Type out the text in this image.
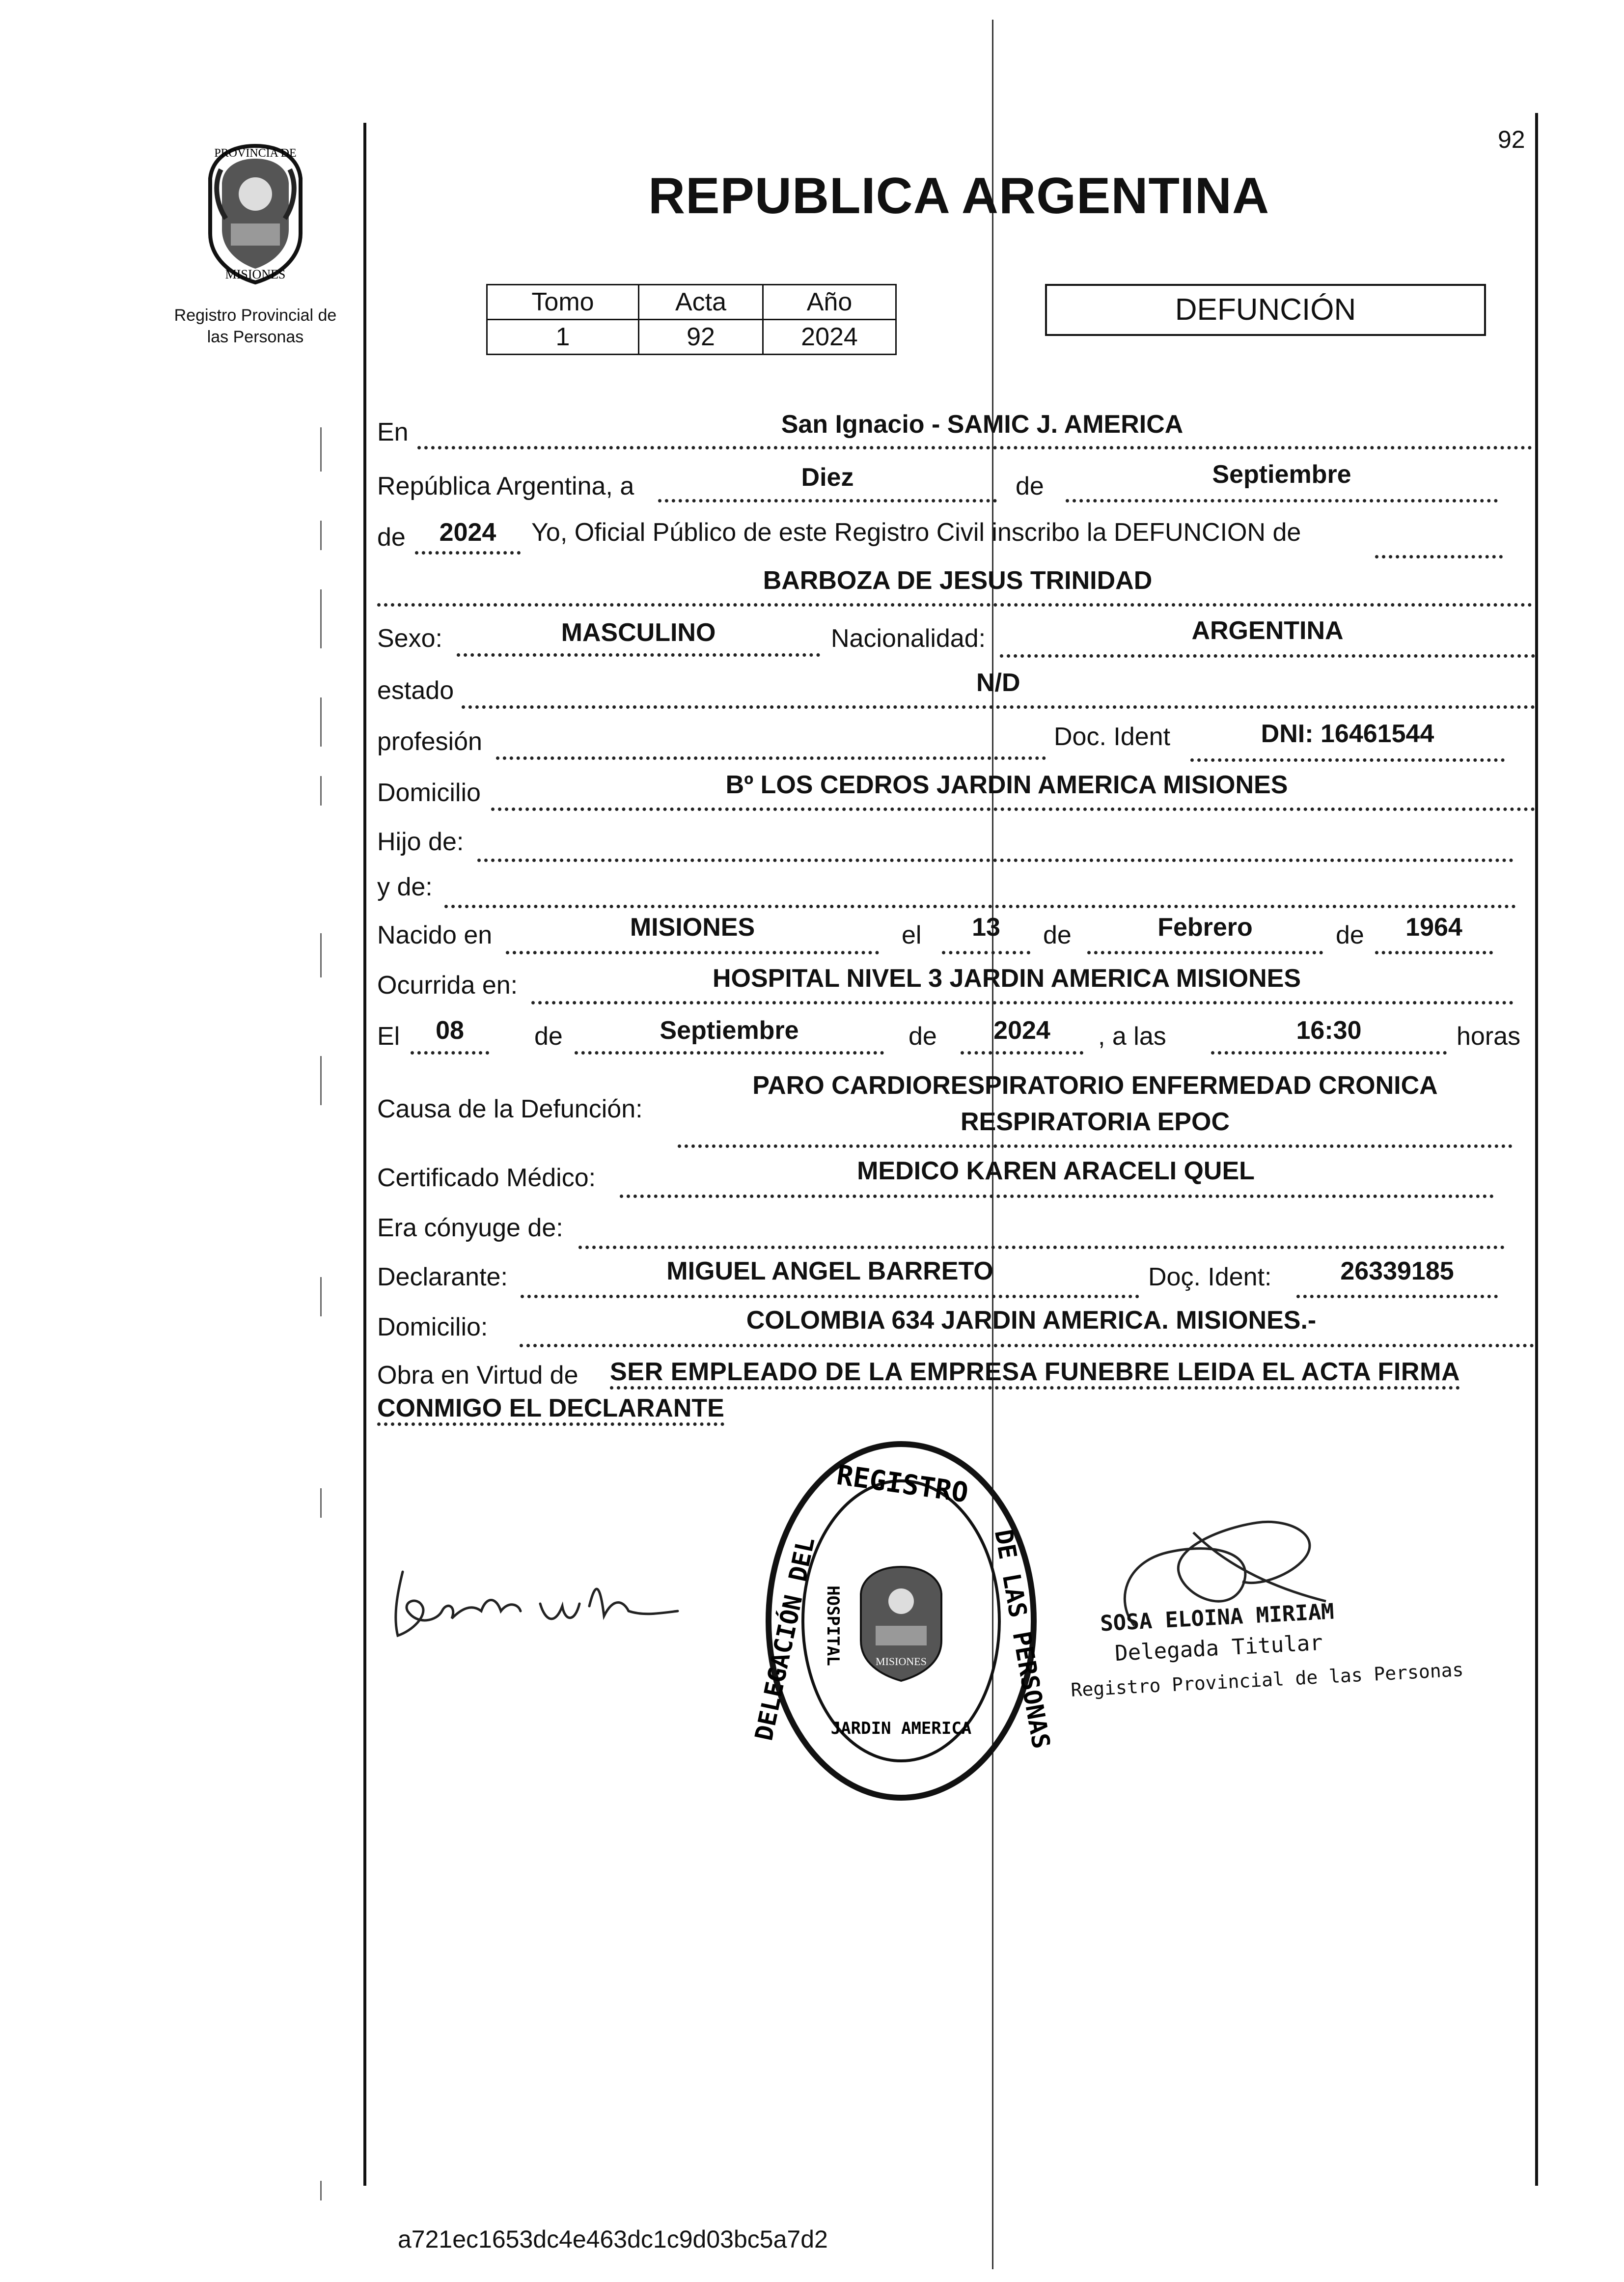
92
PROVINCIA DE
MISIONES
Registro Provincial de
las Personas
REPUBLICA ARGENTINA
Tomo	Acta	Año
1	92	2024
DEFUNCIÓN
En	San Ignacio - SAMIC J. AMERICA
República Argentina, a	Diez	de	Septiembre
de	2024	Yo, Oficial Público de este Registro Civil inscribo la DEFUNCION de
BARBOZA DE JESUS TRINIDAD
Sexo:	MASCULINO	Nacionalidad:	ARGENTINA
estado	N/D
profesión	Doc. Ident	DNI: 16461544
Domicilio	Bº LOS CEDROS JARDIN AMERICA MISIONES
Hijo de:
y de:
Nacido en	MISIONES	el	13	de	Febrero	de	1964
Ocurrida en:	HOSPITAL NIVEL 3 JARDIN AMERICA MISIONES
El	08	de	Septiembre	de	2024	, a las	16:30	horas
Causa de la Defunción:
PARO CARDIORESPIRATORIO ENFERMEDAD CRONICA
RESPIRATORIA EPOC
Certificado Médico:	MEDICO KAREN ARACELI QUEL
Era cónyuge de:
Declarante:	MIGUEL ANGEL BARRETO	Doç. Ident:	26339185
Domicilio:	COLOMBIA 634 JARDIN AMERICA. MISIONES.-
Obra en Virtud de SER EMPLEADO DE LA EMPRESA FUNEBRE LEIDA EL ACTA FIRMA
CONMIGO EL DECLARANTE
REGISTRO
DELEGACIÓN DEL	DE LAS PERSONAS
HOSPITAL
JARDIN AMERICA
MISIONES
SOSA ELOINA MIRIAM
Delegada Titular
Registro Provincial de las Personas
a721ec1653dc4e463dc1c9d03bc5a7d2
